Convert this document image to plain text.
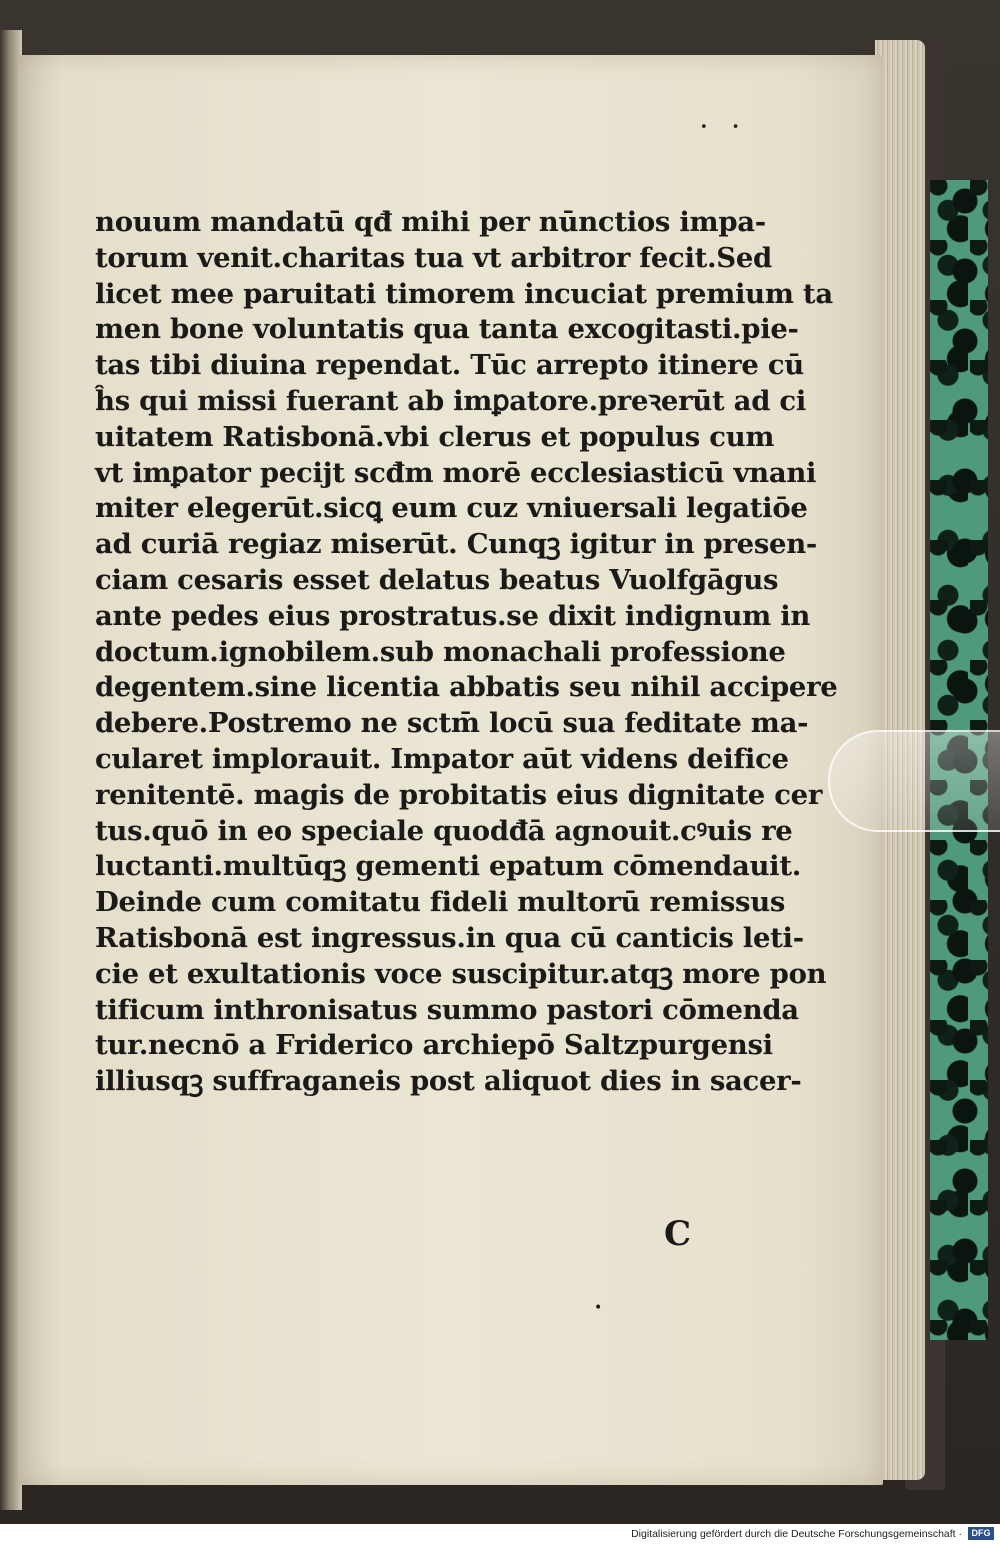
• •
nouum mandatū qđ mihi per nūnctios impa‑
torum venit.charitas tua vt arbitror fecit.Sed
licet mee paruitati timorem incuciat premium ta
men bone voluntatis qua tanta excogitasti.pie‑
tas tibi diuina rependat. Tūc arrepto itinere cū
ĥs qui missi fuerant ab imꝑatore.preꝛerūt ad ci
uitatem Ratisbonā.vbi clerus et populus cum
vt imꝑator pecijt scđm morē ecclesiasticū vnani
miter elegerūt.sicꝗ eum cuz vniuersali legatiōe
ad curiā regiaz miserūt. Cunqꝫ igitur in presen‑
ciam cesaris esset delatus beatus Vuolfgāgus
ante pedes eius prostratus.se dixit indignum in
doctum.ignobilem.sub monachali professione
degentem.sine licentia abbatis seu nihil accipere
debere.Postremo ne sctm̄ locū sua feditate ma‑
cularet implorauit. Impator aūt videns deifice
renitentē. magis de probitatis eius dignitate cer
tus.quō in eo speciale quodđā agnouit.cꝰuis re
luctanti.multūqꝫ gementi epatum cōmendauit.
Deinde cum comitatu fideli multorū remissus
Ratisbonā est ingressus.in qua cū canticis leti‑
cie et exultationis voce suscipitur.atqꝫ more pon
tificum inthronisatus summo pastori cōmenda
tur.necnō a Friderico archiepō Saltzpurgensi
illiusqꝫ suffraganeis post aliquot dies in sacer‑
C
•
Digitalisierung gefördert durch die Deutsche Forschungsgemeinschaft ·	DFG
